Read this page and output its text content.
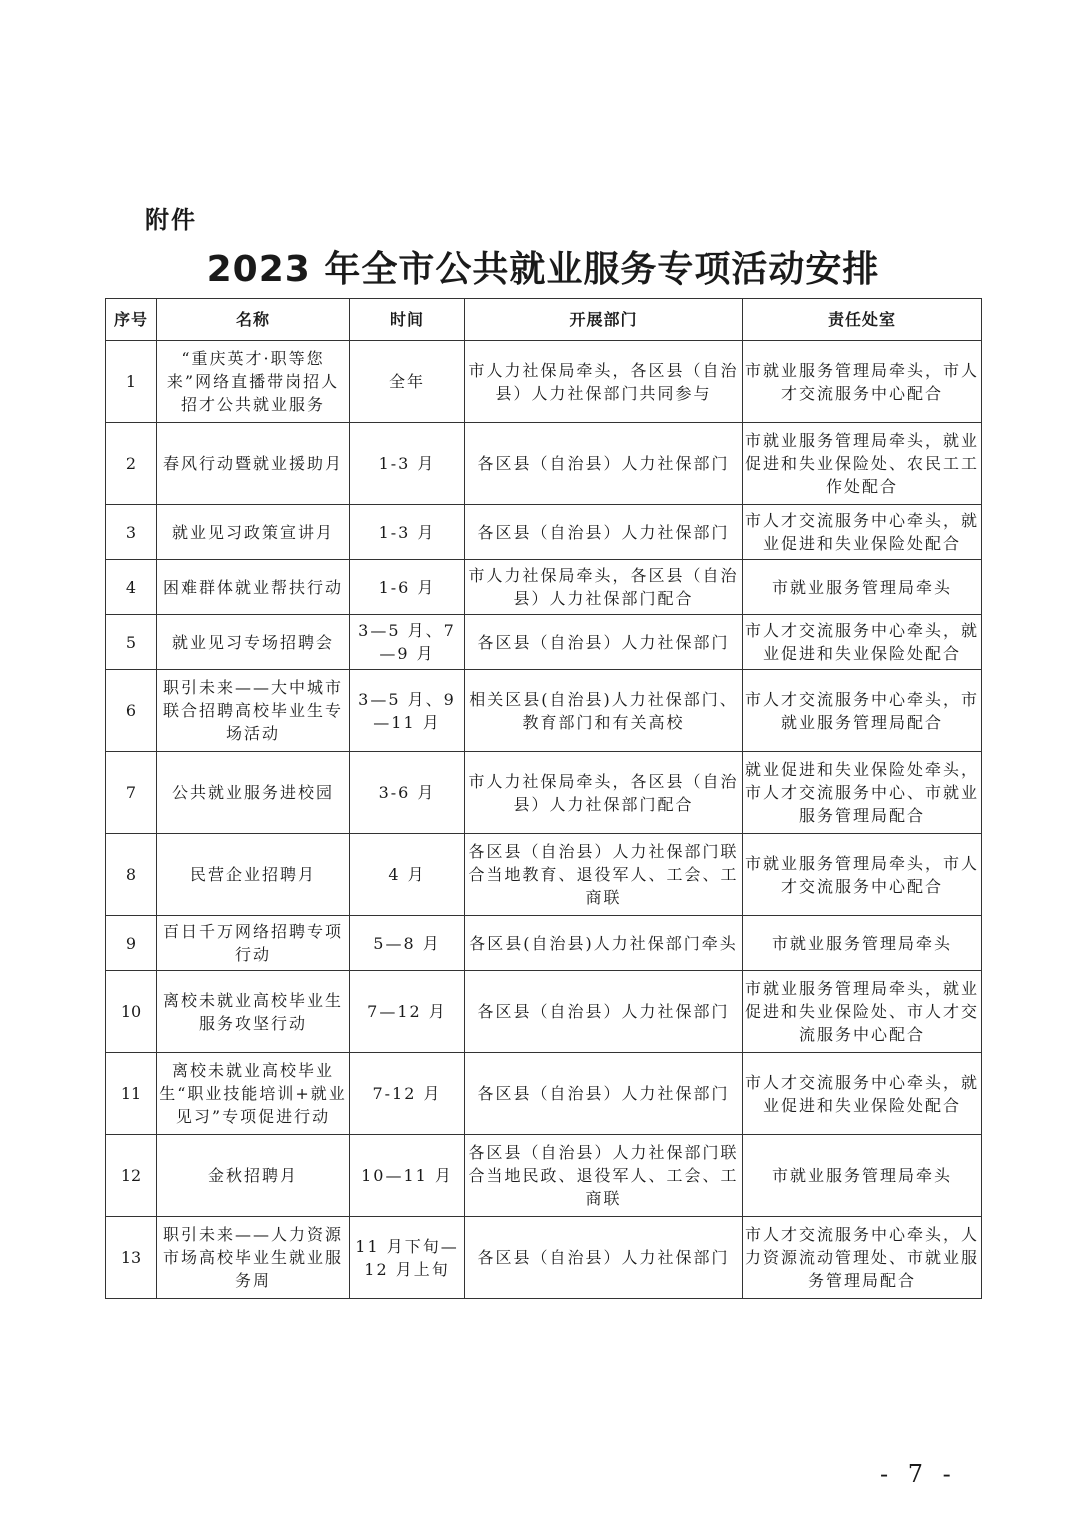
附件
2023 年全市公共就业服务专项活动安排
序号	名称	时间	开展部门	责任处室
1	“重庆英才·职等您来”网络直播带岗招人招才公共就业服务	全年	市人力社保局牵头，各区县（自治县）人力社保部门共同参与	市就业服务管理局牵头，市人才交流服务中心配合
2	春风行动暨就业援助月	1-3 月	各区县（自治县）人力社保部门	市就业服务管理局牵头，就业促进和失业保险处、农民工工作处配合
3	就业见习政策宣讲月	1-3 月	各区县（自治县）人力社保部门	市人才交流服务中心牵头，就业促进和失业保险处配合
4	困难群体就业帮扶行动	1-6 月	市人力社保局牵头，各区县（自治县）人力社保部门配合	市就业服务管理局牵头
5	就业见习专场招聘会	3—5 月、7—9 月	各区县（自治县）人力社保部门	市人才交流服务中心牵头，就业促进和失业保险处配合
6	职引未来——大中城市联合招聘高校毕业生专场活动	3—5 月、9—11 月	相关区县(自治县)人力社保部门、教育部门和有关高校	市人才交流服务中心牵头，市就业服务管理局配合
7	公共就业服务进校园	3-6 月	市人力社保局牵头，各区县（自治县）人力社保部门配合	就业促进和失业保险处牵头，市人才交流服务中心、市就业服务管理局配合
8	民营企业招聘月	4 月	各区县（自治县）人力社保部门联合当地教育、退役军人、工会、工商联	市就业服务管理局牵头，市人才交流服务中心配合
9	百日千万网络招聘专项行动	5—8 月	各区县(自治县)人力社保部门牵头	市就业服务管理局牵头
10	离校未就业高校毕业生服务攻坚行动	7—12 月	各区县（自治县）人力社保部门	市就业服务管理局牵头，就业促进和失业保险处、市人才交流服务中心配合
11	离校未就业高校毕业生“职业技能培训+就业见习”专项促进行动	7-12 月	各区县（自治县）人力社保部门	市人才交流服务中心牵头，就业促进和失业保险处配合
12	金秋招聘月	10—11 月	各区县（自治县）人力社保部门联合当地民政、退役军人、工会、工商联	市就业服务管理局牵头
13	职引未来——人力资源市场高校毕业生就业服务周	11 月下旬—12 月上旬	各区县（自治县）人力社保部门	市人才交流服务中心牵头，人力资源流动管理处、市就业服务管理局配合
- 7 -
